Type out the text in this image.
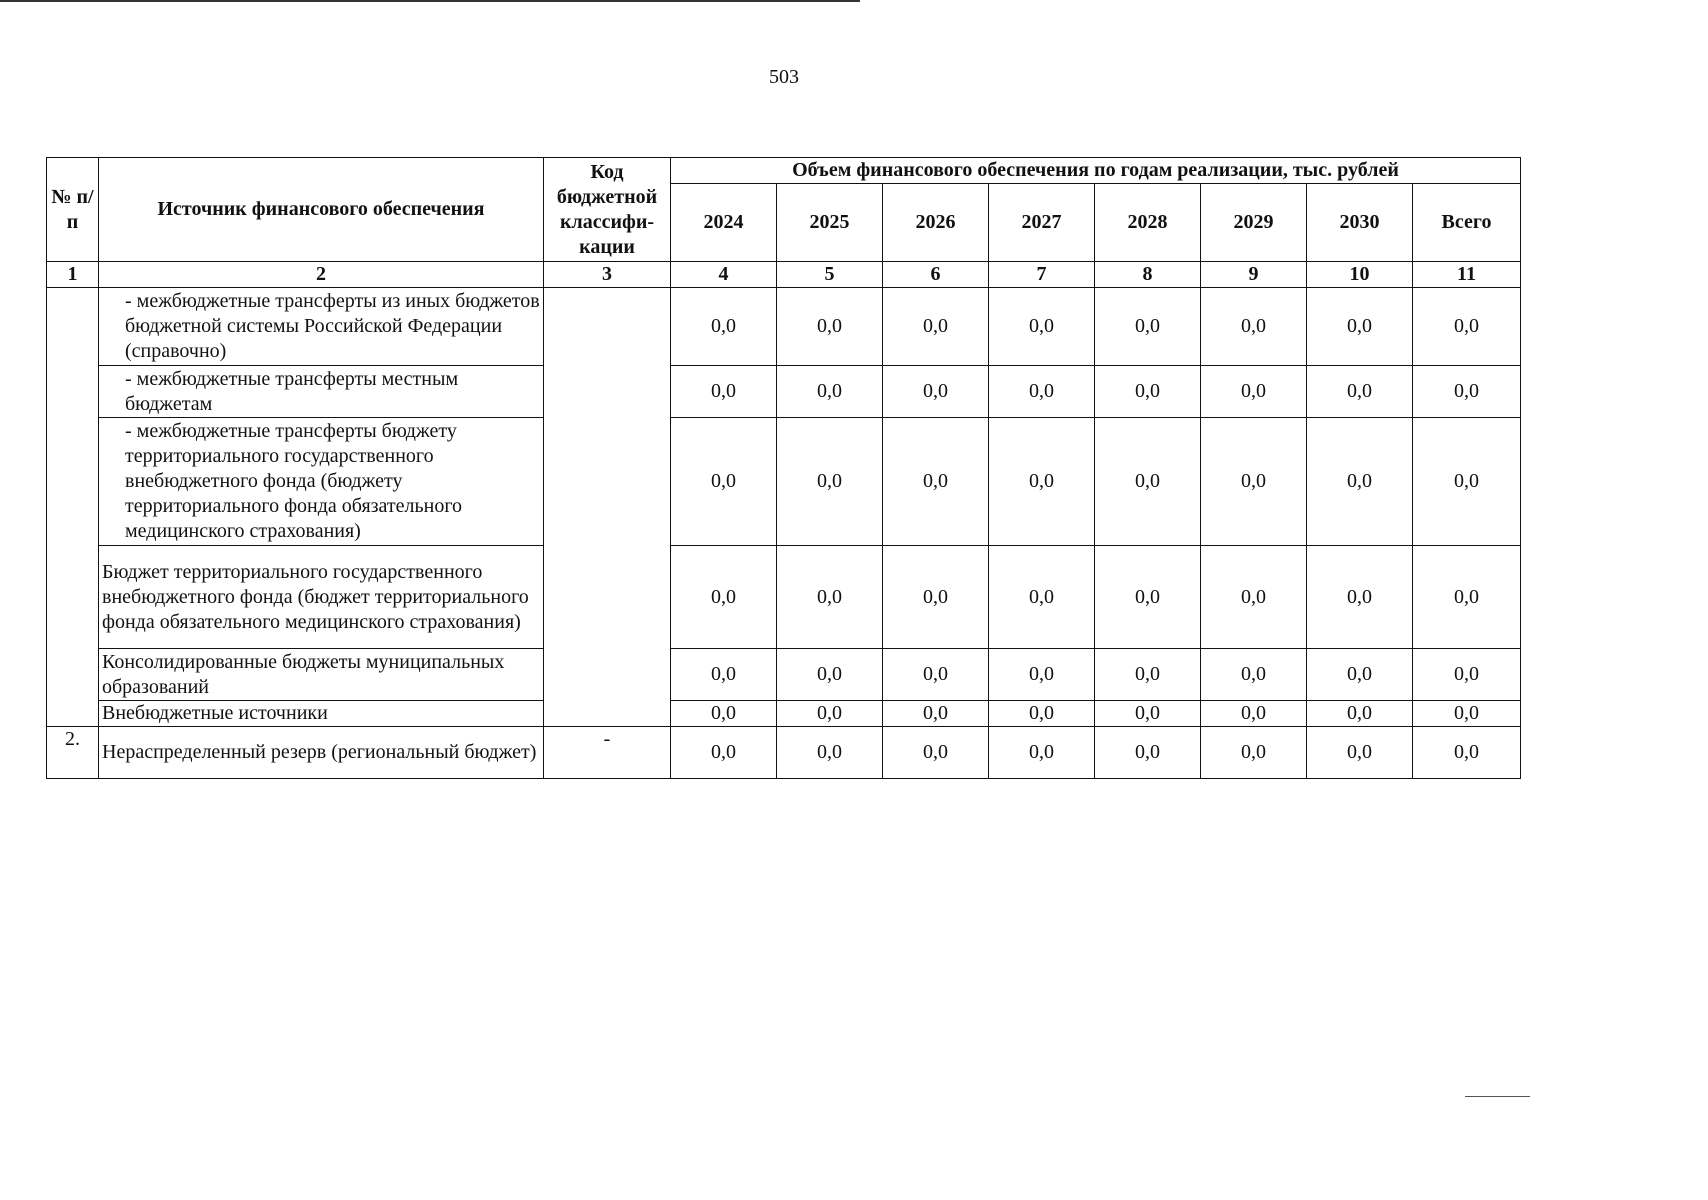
503
№ п/п	Источник финансового обеспечения	Код бюджетной классифи-кации	Объем финансового обеспечения по годам реализации, тыс. рублей							
			2024	2025	2026	2027	2028	2029	2030	Всего
1	2	3	4	5	6	7	8	9	10	11
	- межбюджетные трансферты из иных бюджетов бюджетной системы Российской Федерации (справочно)		0,0	0,0	0,0	0,0	0,0	0,0	0,0	0,0
	- межбюджетные трансферты местным бюджетам		0,0	0,0	0,0	0,0	0,0	0,0	0,0	0,0
	- межбюджетные трансферты бюджету территориального государственного внебюджетного фонда (бюджету территориального фонда обязательного медицинского страхования)		0,0	0,0	0,0	0,0	0,0	0,0	0,0	0,0
	Бюджет территориального государственного внебюджетного фонда (бюджет территориального фонда обязательного медицинского страхования)		0,0	0,0	0,0	0,0	0,0	0,0	0,0	0,0
	Консолидированные бюджеты муниципальных образований		0,0	0,0	0,0	0,0	0,0	0,0	0,0	0,0
	Внебюджетные источники		0,0	0,0	0,0	0,0	0,0	0,0	0,0	0,0
2.	Нераспределенный резерв (региональный бюджет)	-	0,0	0,0	0,0	0,0	0,0	0,0	0,0	0,0
